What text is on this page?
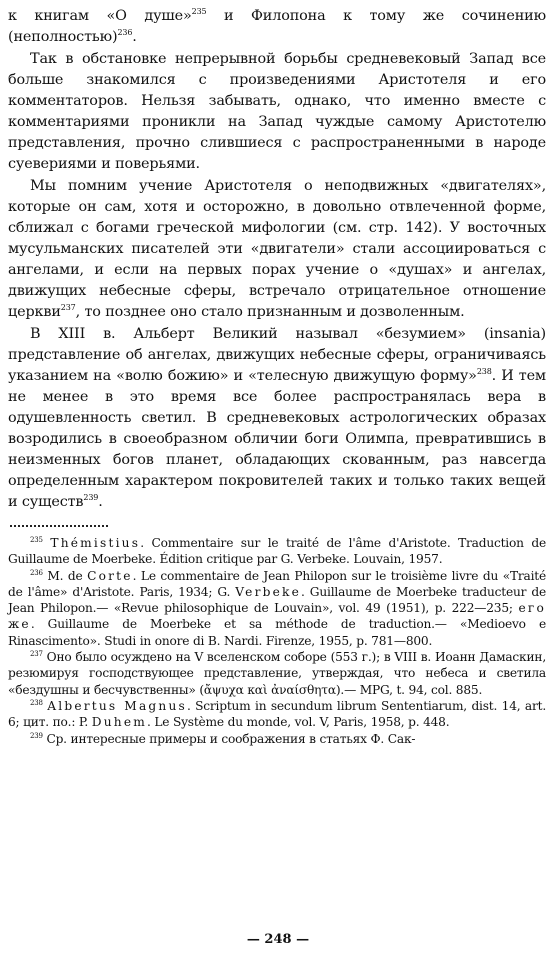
к книгам «О душе»$^{235}$ и Филопона к тому же сочинению (неполностью)$^{236}$.

Так в обстановке непрерывной борьбы средневековый Запад все больше знакомился с произведениями Аристотеля и его комментаторов. Нельзя забывать, однако, что именно вместе с комментариями проникли на Запад чуждые самому Аристотелю представления, прочно слившиеся с распространенными в народе суевериями и поверьями.

Мы помним учение Аристотеля о неподвижных «двигателях», которые он сам, хотя и осторожно, в довольно отвлеченной форме, сближал с богами греческой мифологии (см. стр. 142). У восточных мусульманских писателей эти «двигатели» стали ассоциироваться с ангелами, и если на первых порах учение о «душах» и ангелах, движущих небесные сферы, встречало отрицательное отношение церкви$^{237}$, то позднее оно стало признанным и дозволенным.

В XIII в. Альберт Великий называл «безумием» (insania) представление об ангелах, движущих небесные сферы, ограничиваясь указанием на «волю божию» и «телесную движущую форму»$^{238}$. И тем не менее в это время все более распространялась вера в одушевленность светил. В средневековых астрологических образах возродились в своеобразном обличии боги Олимпа, превратившись в неизменных богов планет, обладающих скованным, раз навсегда определенным характером покровителей таких и только таких вещей и существ$^{239}$.

$^{235}$ Thémistius. Commentaire sur le traité de l'âme d'Aristote. Traduction de Guillaume de Moerbeke. Édition critique par G. Verbeke. Louvain, 1957.

$^{236}$ M. de Corte. Le commentaire de Jean Philopon sur le troisième livre du «Traité de l'âme» d'Aristote. Paris, 1934; G. Verbeke. Guillaume de Moerbeke traducteur de Jean Philopon.— «Revue philosophique de Louvain», vol. 49 (1951), p. 222—235; его же. Guillaume de Moerbeke et sa méthode de traduction.— «Medioevo e Rinascimento». Studi in onore di B. Nardi. Firenze, 1955, p. 781—800.

$^{237}$ Оно было осуждено на V вселенском соборе (553 г.); в VIII в. Иоанн Дамаскин, резюмируя господствующее представление, утверждая, что небеса и светила «бездушны и бесчувственны» (ἄψυχα καὶ ἀναίσθητα).— MPG, t. 94, col. 885.

$^{238}$ Albertus Magnus. Scriptum in secundum librum Sententiarum, dist. 14, art. 6; цит. по.: P. Duhem. Le Système du monde, vol. V, Paris, 1958, p. 448.

$^{239}$ Ср. интересные примеры и соображения в статьях Ф. Сак-

— 248 —
